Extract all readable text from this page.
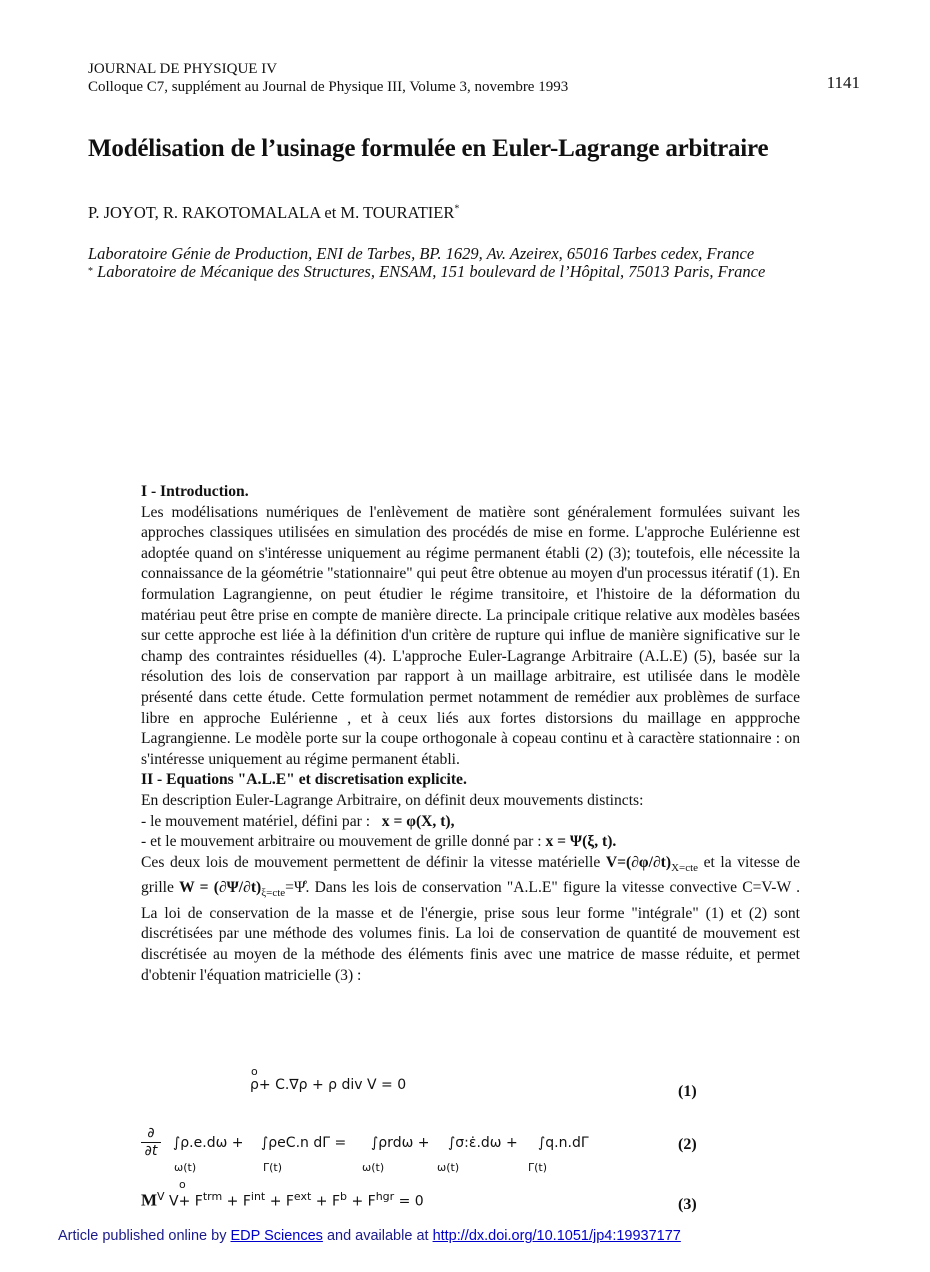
JOURNAL DE PHYSIQUE IV
Colloque C7, supplément au Journal de Physique III, Volume 3, novembre 1993	1141
Modélisation de l’usinage formulée en Euler-Lagrange arbitraire
P. JOYOT, R. RAKOTOMALALA et M. TOURATIER*
Laboratoire Génie de Production, ENI de Tarbes, BP. 1629, Av. Azeirex, 65016 Tarbes cedex, France
* Laboratoire de Mécanique des Structures, ENSAM, 151 boulevard de l’Hôpital, 75013 Paris, France

I - Introduction.

Les modélisations numériques de l'enlèvement de matière sont généralement formulées suivant les approches classiques utilisées en simulation des procédés de mise en forme. L'approche Eulérienne est adoptée quand on s'intéresse uniquement au régime permanent établi (2) (3); toutefois, elle nécessite la connaissance de la géométrie "stationnaire" qui peut être obtenue au moyen d'un processus itératif (1). En formulation Lagrangienne, on peut étudier le régime transitoire, et l'histoire de la déformation du matériau peut être prise en compte de manière directe. La principale critique relative aux modèles basées sur cette approche est liée à la définition d'un critère de rupture qui influe de manière significative sur le champ des contraintes résiduelles (4). L'approche Euler-Lagrange Arbitraire (A.L.E) (5), basée sur la résolution des lois de conservation par rapport à un maillage arbitraire, est utilisée dans le modèle présenté dans cette étude. Cette formulation permet notamment de remédier aux problèmes de surface libre en approche Eulérienne , et à ceux liés aux fortes distorsions du maillage en appproche Lagrangienne. Le modèle porte sur la coupe orthogonale à copeau continu et à caractère stationnaire : on s'intéresse uniquement au régime permanent établi.

II - Equations "A.L.E" et discretisation explicite.

En description Euler-Lagrange Arbitraire, on définit deux mouvements distincts:

- le mouvement matériel, défini par : x = φ(X, t),

- et le mouvement arbitraire ou mouvement de grille donné par : x = Ψ(ξ, t).

Ces deux lois de mouvement permettent de définir la vitesse matérielle $V=(\partial\varphi/\partial t)_{X=cte}$ et la vitesse de grille $W = (\partial\Psi/\partial t)_{\xi=cte}=\Psi̊$. Dans les lois de conservation "A.L.E" figure la vitesse convective C=V-W . La loi de conservation de la masse et de l'énergie, prise sous leur forme "intégrale" (1) et (2) sont discrétisées par une méthode des volumes finis. La loi de conservation de quantité de mouvement est discrétisée au moyen de la méthode des éléments finis avec une matrice de masse réduite, et permet d'obtenir l'équation matricielle (3) :

o
ρ+ C.∇ρ + ρ div V = 0	(1)
∂
∂t ∫ρ.e.dω +
ω(t)
∫ρeC.n dΓ =
Γ(t)
∫ρrdω +
ω(t)
∫σ:ε̇.dω +
ω(t)
∫q.n.dΓ
Γ(t)
(2)
o
$M^V$ $V+ F^{trm} + F^{int} + F^{ext} + F^b + F^{hgr} = 0$	(3)
Article published online by EDP Sciences and available at http://dx.doi.org/10.1051/jp4:19937177
